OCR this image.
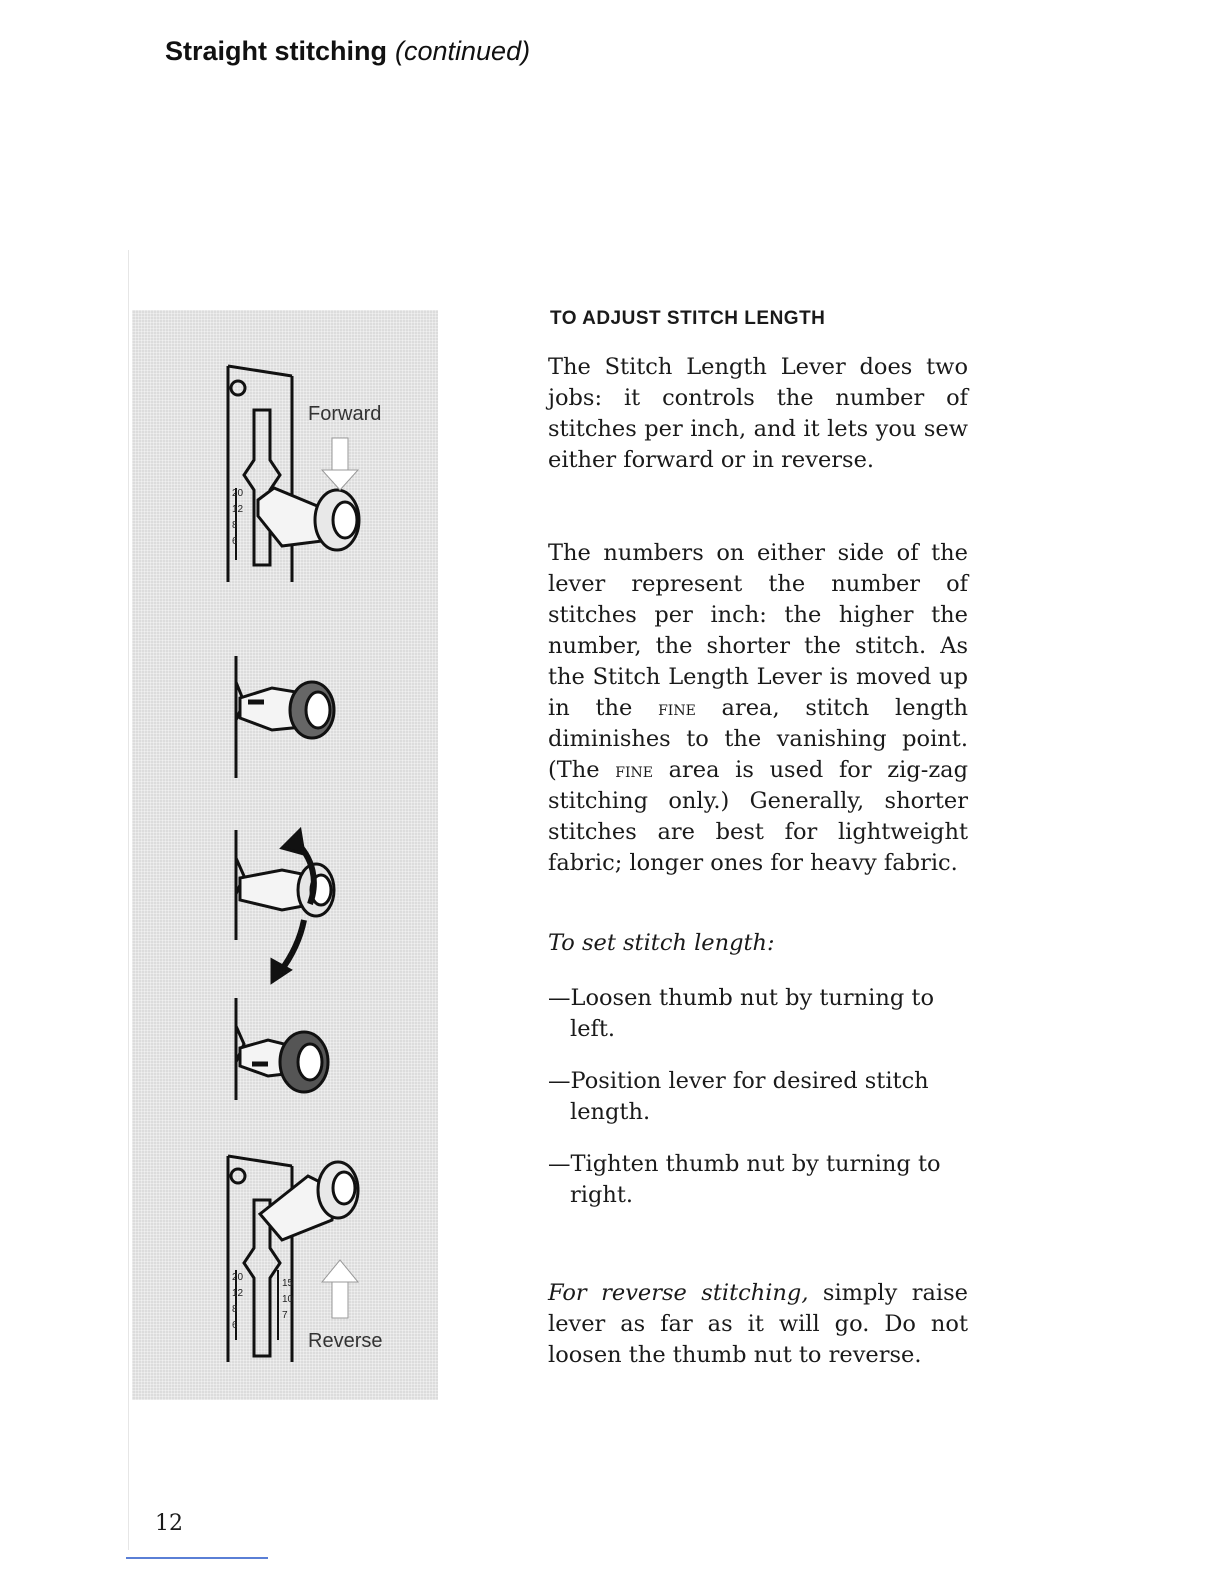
Straight stitching (continued)
Forward
20 12 8 6
Reverse
20 12 8 6
15 10 7
TO ADJUST STITCH LENGTH

The Stitch Length Lever does two jobs: it controls the number of stitches per inch, and it lets you sew either forward or in reverse.

The numbers on either side of the lever represent the number of stitches per inch: the higher the number, the shorter the stitch. As the Stitch Length Lever is moved up in the fine area, stitch length diminishes to the vanishing point. (The fine area is used for zig-zag stitching only.) Generally, shorter stitches are best for lightweight fabric; longer ones for heavy fabric.

To set stitch length:

—Loosen thumb nut by turning to left.

—Position lever for desired stitch length.

—Tighten thumb nut by turning to right.

For reverse stitching, simply raise lever as far as it will go. Do not loosen the thumb nut to reverse.

12
